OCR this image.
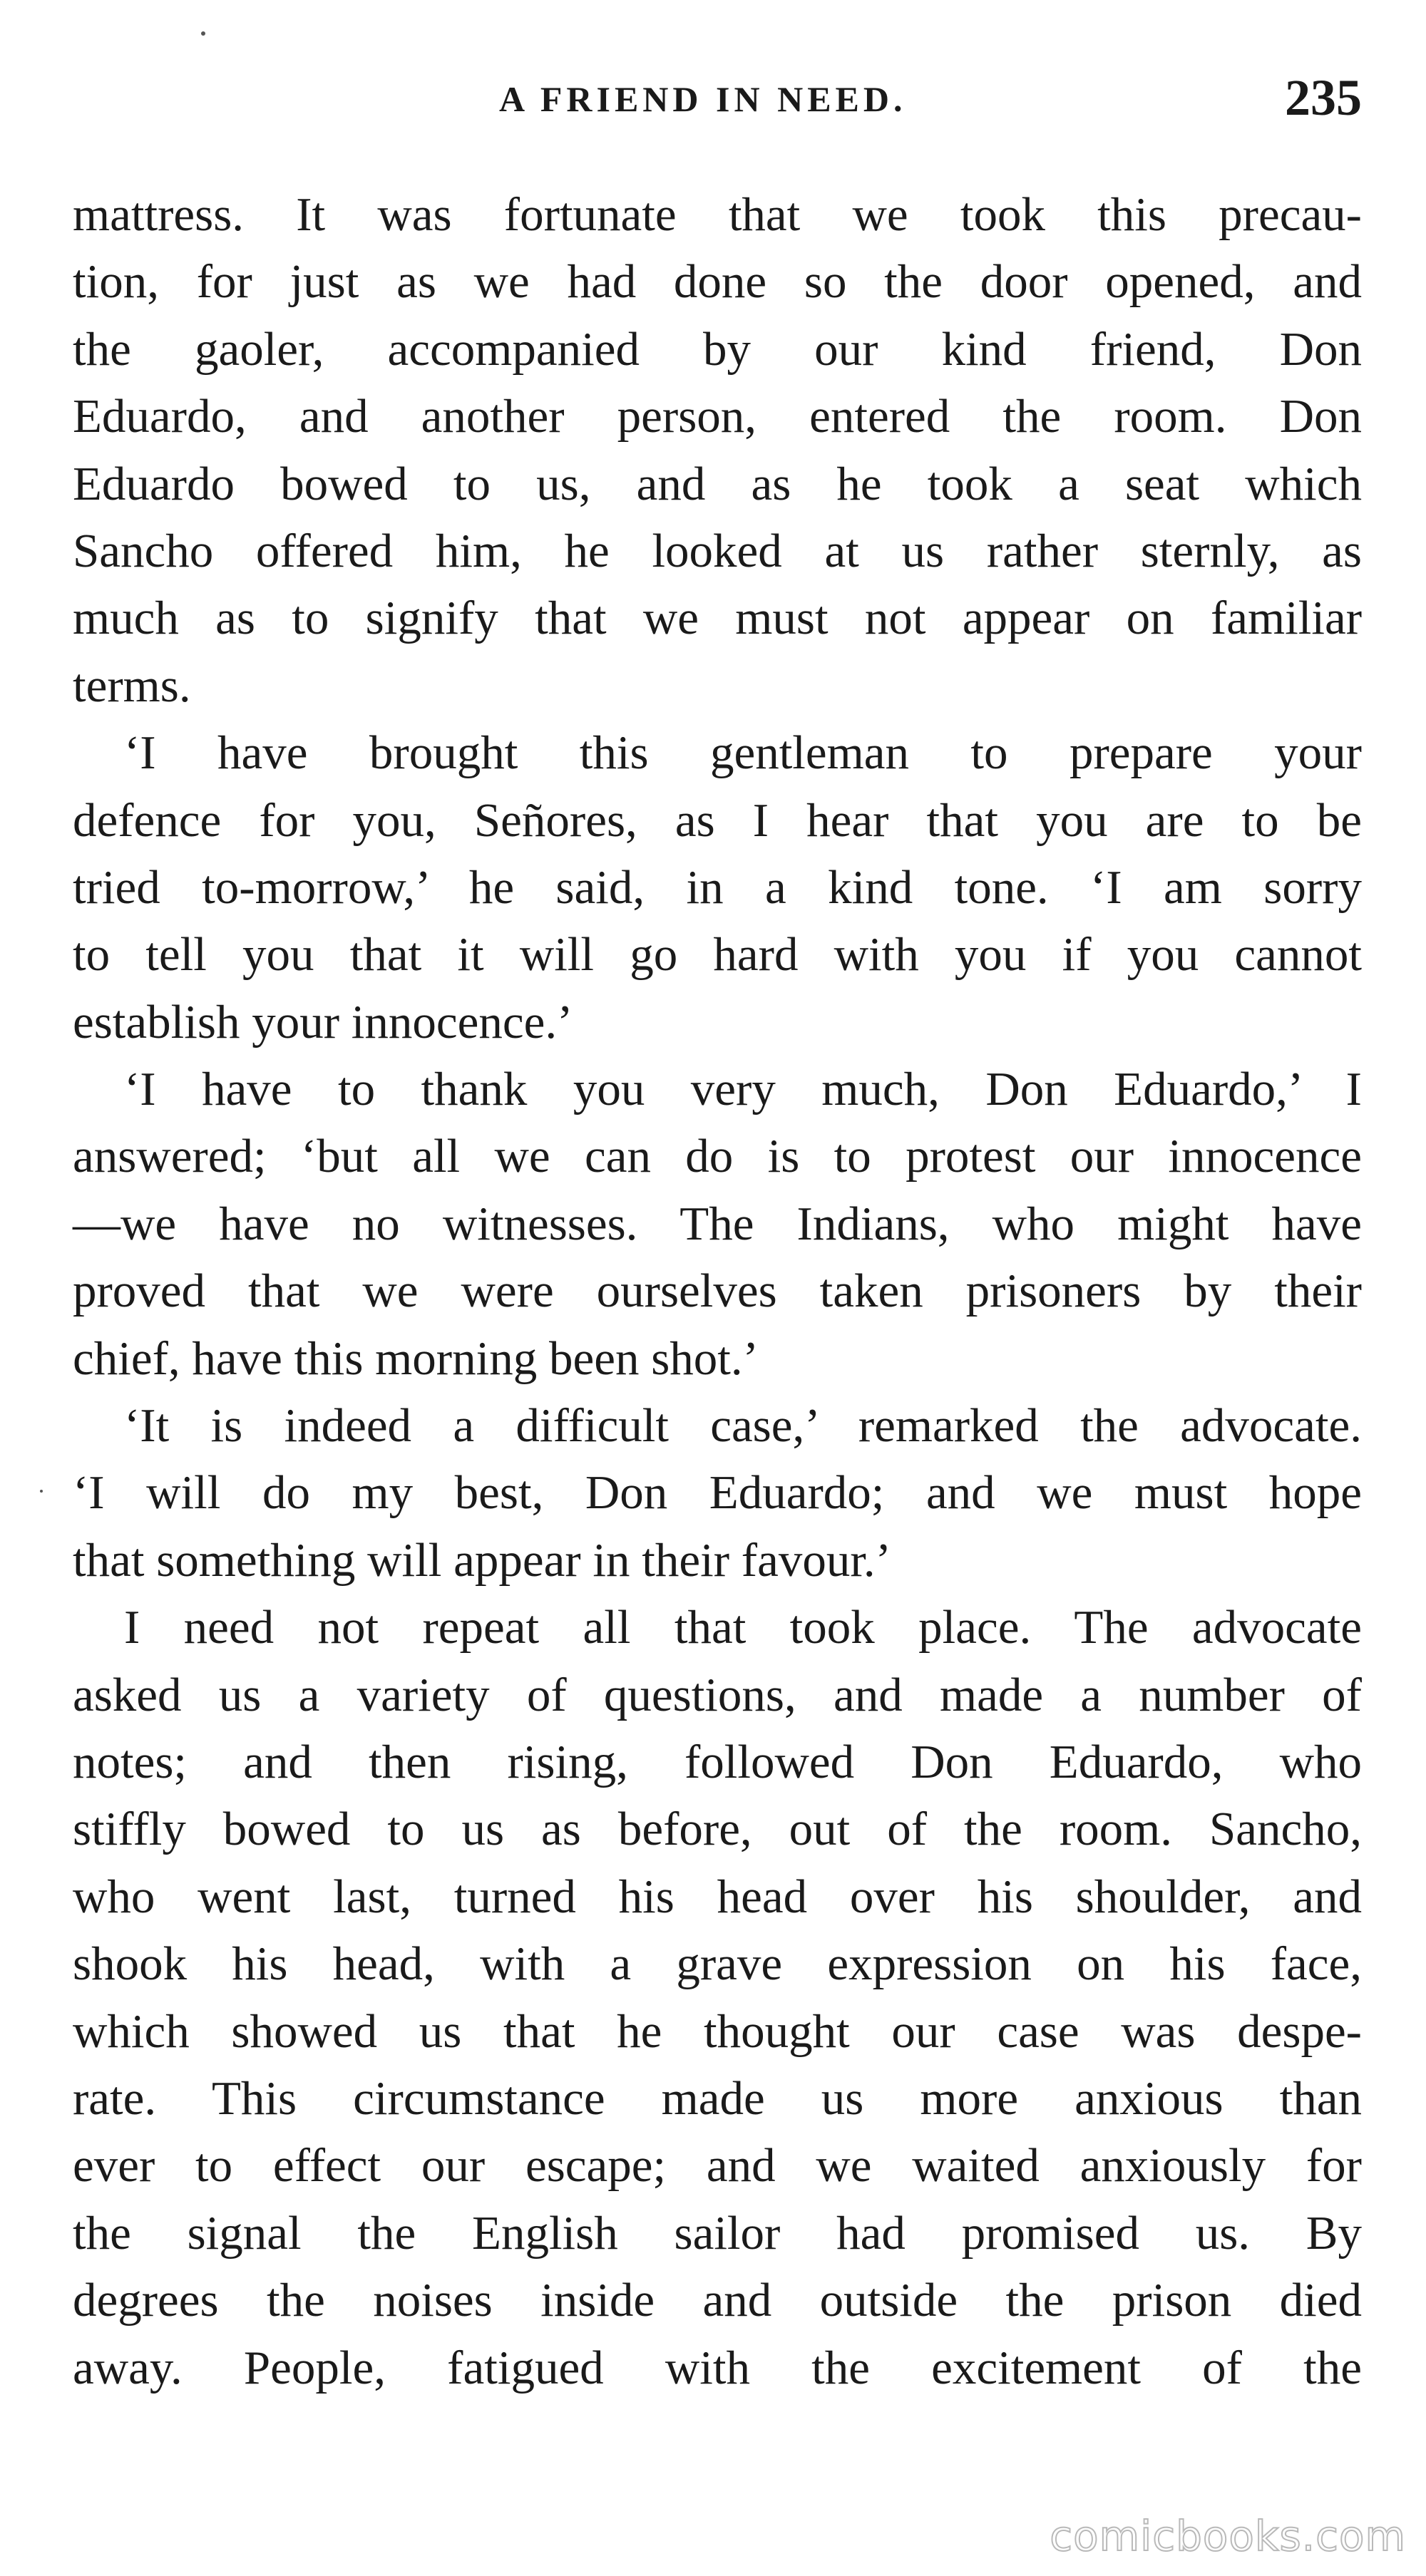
A FRIEND IN NEED.	235
mattress. It was fortunate that we took this precau-
tion, for just as we had done so the door opened, and
the gaoler, accompanied by our kind friend, Don
Eduardo, and another person, entered the room. Don
Eduardo bowed to us, and as he took a seat which
Sancho offered him, he looked at us rather sternly, as
much as to signify that we must not appear on familiar
terms.
‘I have brought this gentleman to prepare your
defence for you, Señores, as I hear that you are to be
tried to-morrow,’ he said, in a kind tone. ‘I am sorry
to tell you that it will go hard with you if you cannot
establish your innocence.’
‘I have to thank you very much, Don Eduardo,’ I
answered; ‘but all we can do is to protest our innocence
—we have no witnesses. The Indians, who might have
proved that we were ourselves taken prisoners by their
chief, have this morning been shot.’
‘It is indeed a difficult case,’ remarked the advocate.
‘I will do my best, Don Eduardo; and we must hope
that something will appear in their favour.’
I need not repeat all that took place. The advocate
asked us a variety of questions, and made a number of
notes; and then rising, followed Don Eduardo, who
stiffly bowed to us as before, out of the room. Sancho,
who went last, turned his head over his shoulder, and
shook his head, with a grave expression on his face,
which showed us that he thought our case was despe-
rate. This circumstance made us more anxious than
ever to effect our escape; and we waited anxiously for
the signal the English sailor had promised us. By
degrees the noises inside and outside the prison died
away. People, fatigued with the excitement of the
comicbooks.com
